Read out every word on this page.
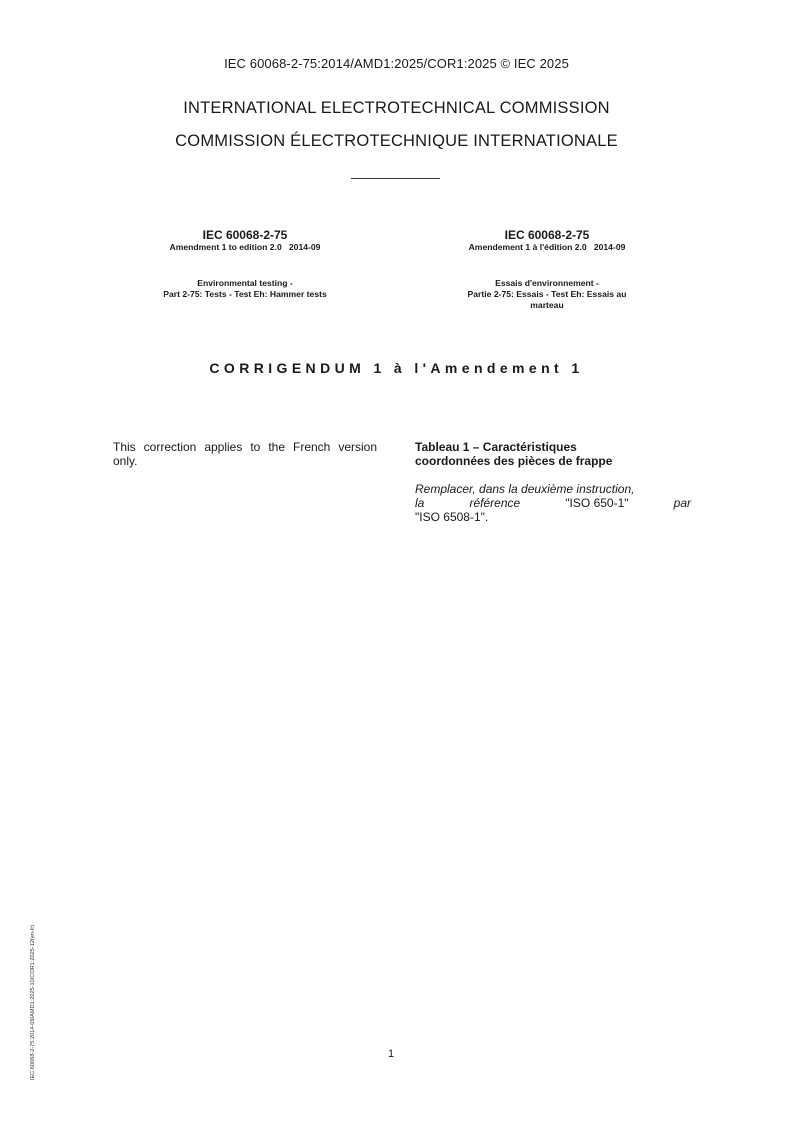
IEC 60068-2-75:2014/AMD1:2025/COR1:2025 © IEC 2025
INTERNATIONAL ELECTROTECHNICAL COMMISSION
COMMISSION ÉLECTROTECHNIQUE INTERNATIONALE
IEC 60068-2-75
Amendment 1 to edition 2.0   2014-09
Environmental testing -
Part 2-75: Tests - Test Eh: Hammer tests
IEC 60068-2-75
Amendement 1 à l'édition 2.0   2014-09
Essais d'environnement -
Partie 2-75: Essais - Test Eh: Essais au
marteau
CORRIGENDUM 1 à l'Amendement 1
This correction applies to the French version only.
Tableau 1 – Caractéristiques
coordonnées des pièces de frappe
Remplacer, dans la deuxième instruction,
la	référence	"ISO 650-1"	par
"ISO 6508-1".
1
IEC 60068-2-75:2014-09/AMD1:2025-10/COR1:2025-12(en-fr)
